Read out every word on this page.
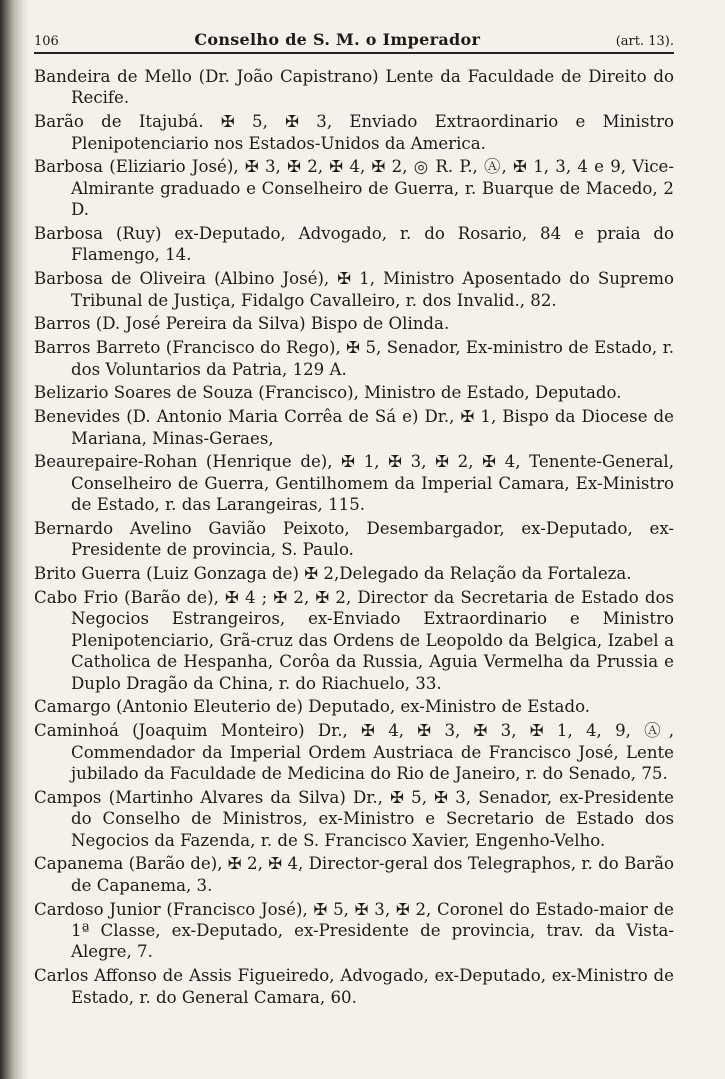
106	Conselho de S. M. o Imperador	(art. 13).

Bandeira de Mello (Dr. João Capistrano) Lente da Faculdade de Direito do Recife.

Barão de Itajubá. ✠ 5, ✠ 3, Enviado Extraordinario e Ministro Plenipotenciario nos Estados-Unidos da America.

Barbosa (Eliziario José), ✠ 3, ✠ 2, ✠ 4, ✠ 2, ◎ R. P., Ⓐ, ✠ 1, 3, 4 e 9, Vice-Almirante graduado e Conselheiro de Guerra, r. Buarque de Macedo, 2 D.

Barbosa (Ruy) ex-Deputado, Advogado, r. do Rosario, 84 e praia do Flamengo, 14.

Barbosa de Oliveira (Albino José), ✠ 1, Ministro Aposentado do Supremo Tribunal de Justiça, Fidalgo Cavalleiro, r. dos Invalid., 82.

Barros (D. José Pereira da Silva) Bispo de Olinda.

Barros Barreto (Francisco do Rego), ✠ 5, Senador, Ex-ministro de Estado, r. dos Voluntarios da Patria, 129 A.

Belizario Soares de Souza (Francisco), Ministro de Estado, Deputado.

Benevides (D. Antonio Maria Corrêa de Sá e) Dr., ✠ 1, Bispo da Diocese de Mariana, Minas-Geraes,

Beaurepaire-Rohan (Henrique de), ✠ 1, ✠ 3, ✠ 2, ✠ 4, Tenente-General, Conselheiro de Guerra, Gentilhomem da Imperial Camara, Ex-Ministro de Estado, r. das Larangeiras, 115.

Bernardo Avelino Gavião Peixoto, Desembargador, ex-Deputado, ex-Presidente de provincia, S. Paulo.

Brito Guerra (Luiz Gonzaga de) ✠ 2,Delegado da Relação da Fortaleza.

Cabo Frio (Barão de), ✠ 4 ; ✠ 2, ✠ 2, Director da Secretaria de Estado dos Negocios Estrangeiros, ex-Enviado Extraordinario e Ministro Plenipotenciario, Grã-cruz das Ordens de Leopoldo da Belgica, Izabel a Catholica de Hespanha, Corôa da Russia, Aguia Vermelha da Prussia e Duplo Dragão da China, r. do Riachuelo, 33.

Camargo (Antonio Eleuterio de) Deputado, ex-Ministro de Estado.

Caminhoá (Joaquim Monteiro) Dr., ✠ 4, ✠ 3, ✠ 3, ✠ 1, 4, 9, Ⓐ, Commendador da Imperial Ordem Austriaca de Francisco José, Lente jubilado da Faculdade de Medicina do Rio de Janeiro, r. do Senado, 75.

Campos (Martinho Alvares da Silva) Dr., ✠ 5, ✠ 3, Senador, ex-Presidente do Conselho de Ministros, ex-Ministro e Secretario de Estado dos Negocios da Fazenda, r. de S. Francisco Xavier, Engenho-Velho.

Capanema (Barão de), ✠ 2, ✠ 4, Director-geral dos Telegraphos, r. do Barão de Capanema, 3.

Cardoso Junior (Francisco José), ✠ 5, ✠ 3, ✠ 2, Coronel do Estado-maior de 1ª Classe, ex-Deputado, ex-Presidente de provincia, trav. da Vista-Alegre, 7.

Carlos Affonso de Assis Figueiredo, Advogado, ex-Deputado, ex-Ministro de Estado, r. do General Camara, 60.
